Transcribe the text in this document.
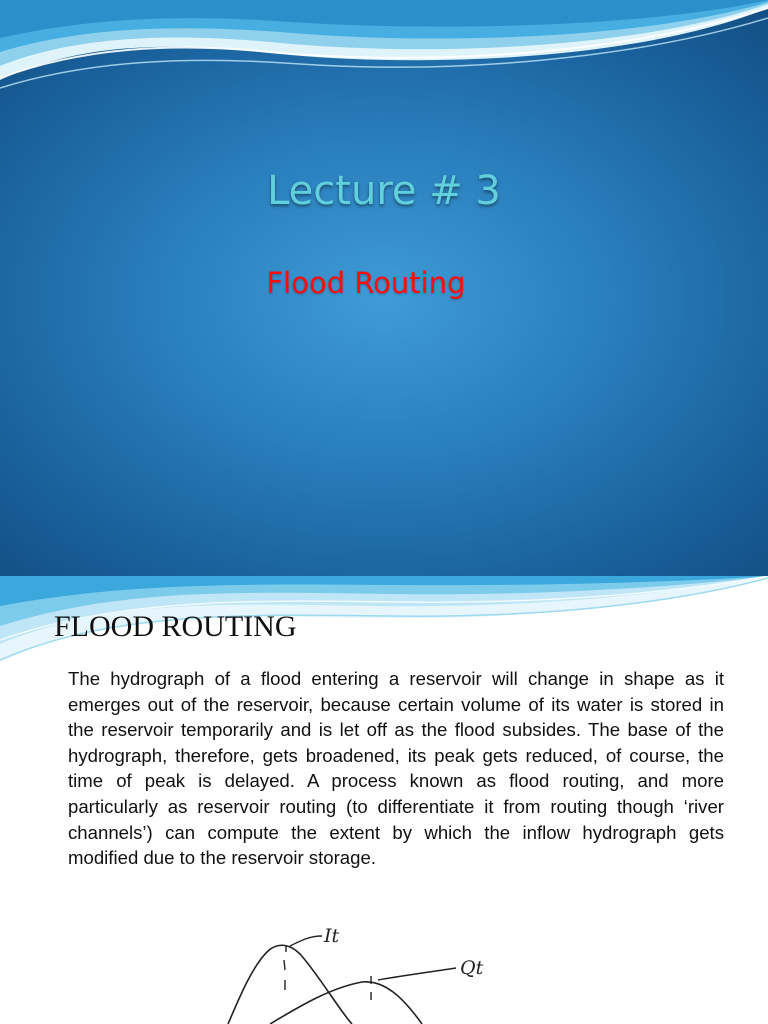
Lecture # 3
Flood Routing
FLOOD ROUTING

The hydrograph of a flood entering a reservoir will change in shape as it emerges out of the reservoir, because certain volume of its water is stored in the reservoir temporarily and is let off as the flood subsides. The base of the hydrograph, therefore, gets broadened, its peak gets reduced, of course, the time of peak is delayed. A process known as flood routing, and more particularly as reservoir routing (to differentiate it from routing though ‘river channels’) can compute the extent by which the inflow hydrograph gets modified due to the reservoir storage.

It
Qt
